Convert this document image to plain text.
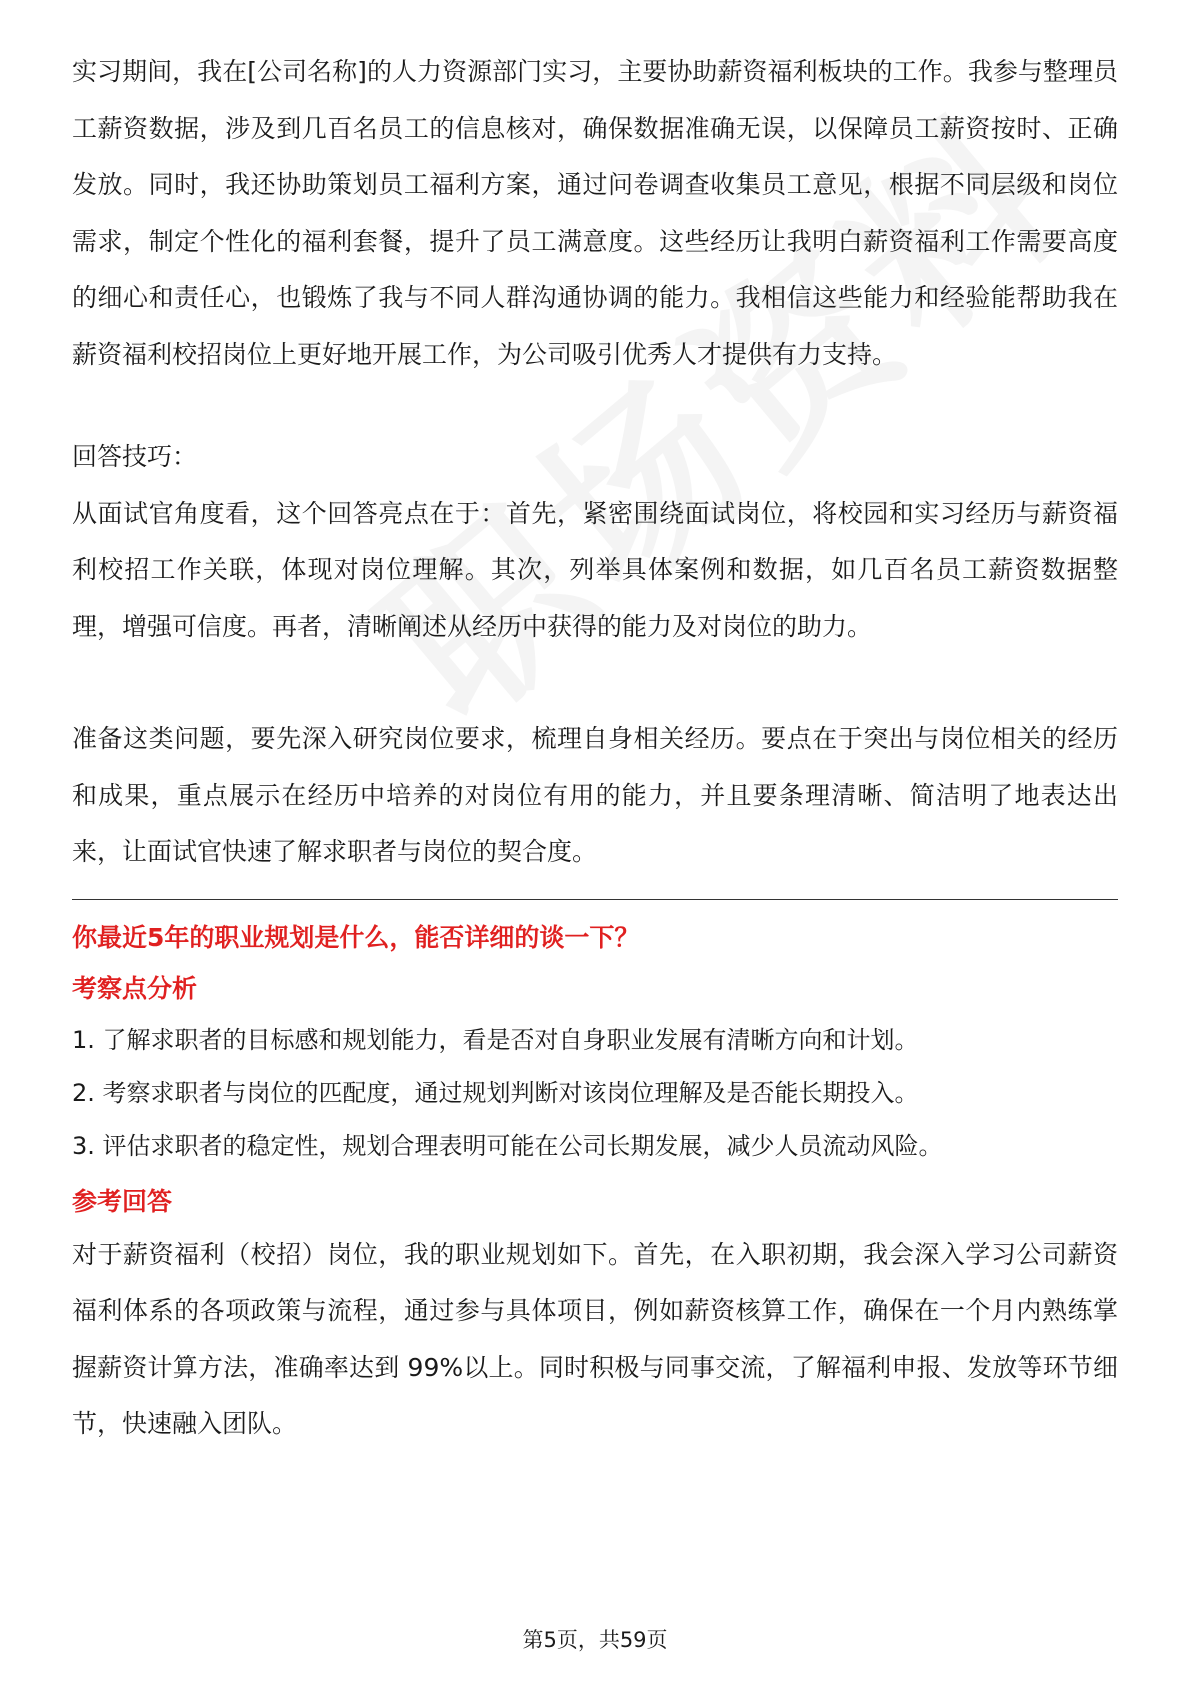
实习期间，我在[公司名称]的人力资源部门实习，主要协助薪资福利板块的工作。我参与整理员工薪资数据，涉及到几百名员工的信息核对，确保数据准确无误，以保障员工薪资按时、正确发放。同时，我还协助策划员工福利方案，通过问卷调查收集员工意见，根据不同层级和岗位需求，制定个性化的福利套餐，提升了员工满意度。这些经历让我明白薪资福利工作需要高度的细心和责任心，也锻炼了我与不同人群沟通协调的能力。我相信这些能力和经验能帮助我在薪资福利校招岗位上更好地开展工作，为公司吸引优秀人才提供有力支持。

回答技巧：

从面试官角度看，这个回答亮点在于：首先，紧密围绕面试岗位，将校园和实习经历与薪资福利校招工作关联，体现对岗位理解。其次，列举具体案例和数据，如几百名员工薪资数据整理，增强可信度。再者，清晰阐述从经历中获得的能力及对岗位的助力。

准备这类问题，要先深入研究岗位要求，梳理自身相关经历。要点在于突出与岗位相关的经历和成果，重点展示在经历中培养的对岗位有用的能力，并且要条理清晰、简洁明了地表达出来，让面试官快速了解求职者与岗位的契合度。

你最近5年的职业规划是什么，能否详细的谈一下？

考察点分析

1. 了解求职者的目标感和规划能力，看是否对自身职业发展有清晰方向和计划。

2. 考察求职者与岗位的匹配度，通过规划判断对该岗位理解及是否能长期投入。

3. 评估求职者的稳定性，规划合理表明可能在公司长期发展，减少人员流动风险。

参考回答

对于薪资福利（校招）岗位，我的职业规划如下。首先，在入职初期，我会深入学习公司薪资福利体系的各项政策与流程，通过参与具体项目，例如薪资核算工作，确保在一个月内熟练掌握薪资计算方法，准确率达到 99%以上。同时积极与同事交流，了解福利申报、发放等环节细节，快速融入团队。

第5页，共59页
